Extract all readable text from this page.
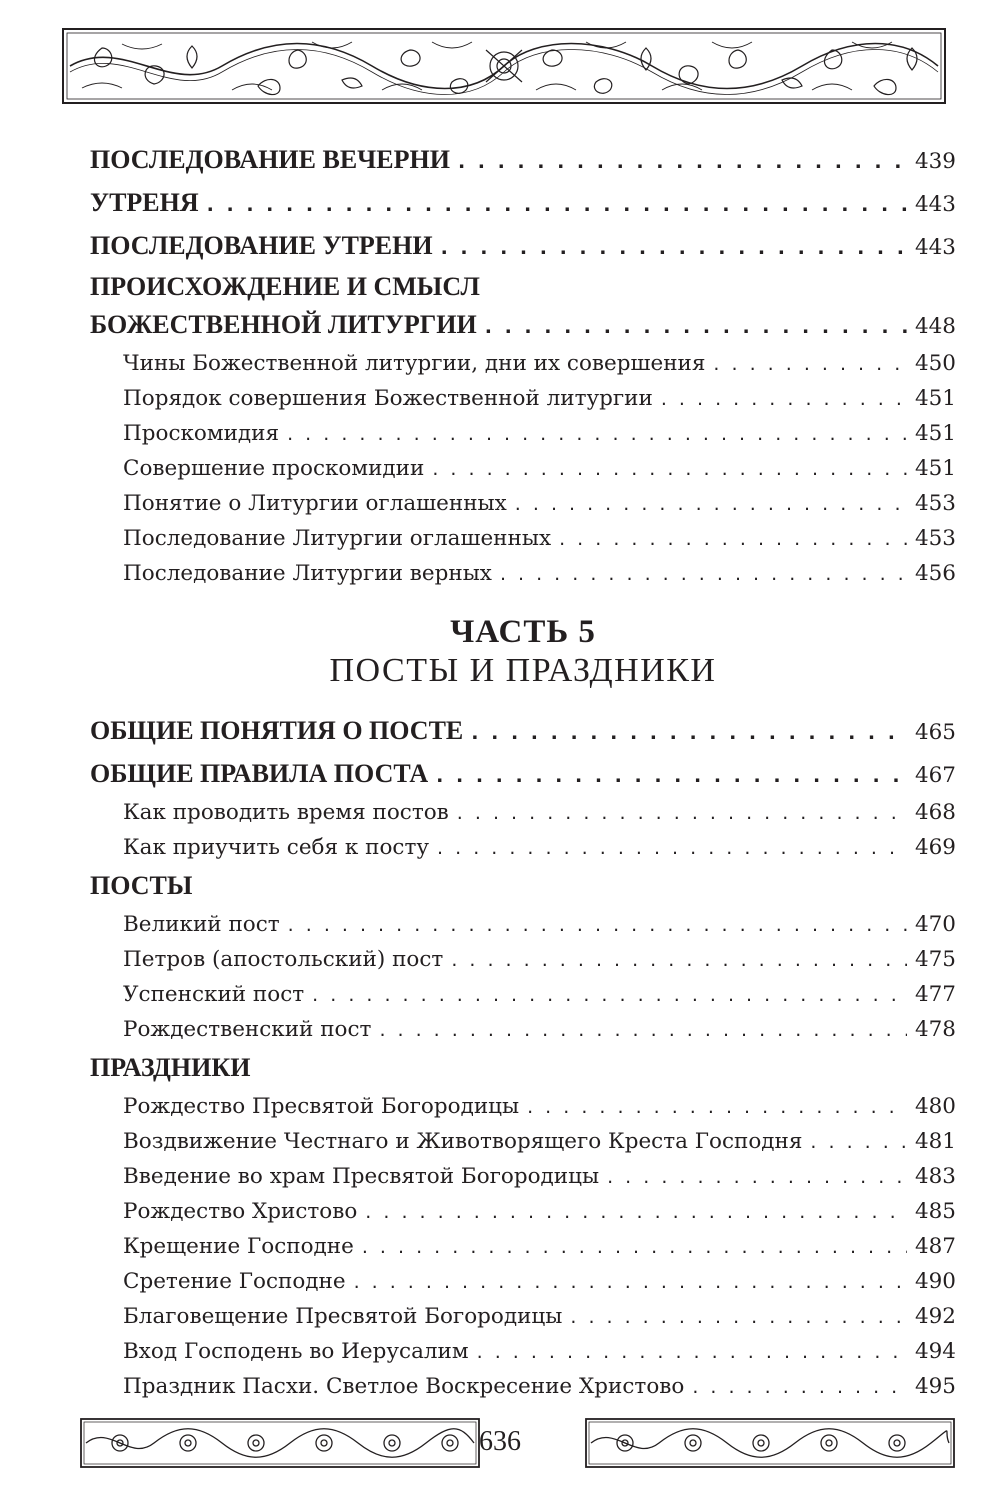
ПОСЛЕДОВАНИЕ ВЕЧЕРНИ . . .	439
УТРЕНЯ . . .	443
ПОСЛЕДОВАНИЕ УТРЕНИ . . .	443
ПРОИСХОЖДЕНИЕ И СМЫСЛ
БОЖЕСТВЕННОЙ ЛИТУРГИИ . . .	448
Чины Божественной литургии, дни их совершения . . .	450
Порядок совершения Божественной литургии . . .	451
Проскомидия . . .	451
Совершение проскомидии . . .	451
Понятие о Литургии оглашенных . . .	453
Последование Литургии оглашенных . . .	453
Последование Литургии верных . . .	456
ЧАСТЬ 5
ПОСТЫ И ПРАЗДНИКИ
ОБЩИЕ ПОНЯТИЯ О ПОСТЕ . . .	465
ОБЩИЕ ПРАВИЛА ПОСТА . . .	467
Как проводить время постов . . .	468
Как приучить себя к посту . . .	469
ПОСТЫ
Великий пост . . .	470
Петров (апостольский) пост . . .	475
Успенский пост . . .	477
Рождественский пост . . .	478
ПРАЗДНИКИ
Рождество Пресвятой Богородицы . . .	480
Воздвижение Честнаго и Животворящего Креста Господня . . .	481
Введение во храм Пресвятой Богородицы . . .	483
Рождество Христово . . .	485
Крещение Господне . . .	487
Сретение Господне . . .	490
Благовещение Пресвятой Богородицы . . .	492
Вход Господень во Иерусалим . . .	494
Праздник Пасхи. Светлое Воскресение Христово . . .	495
636
